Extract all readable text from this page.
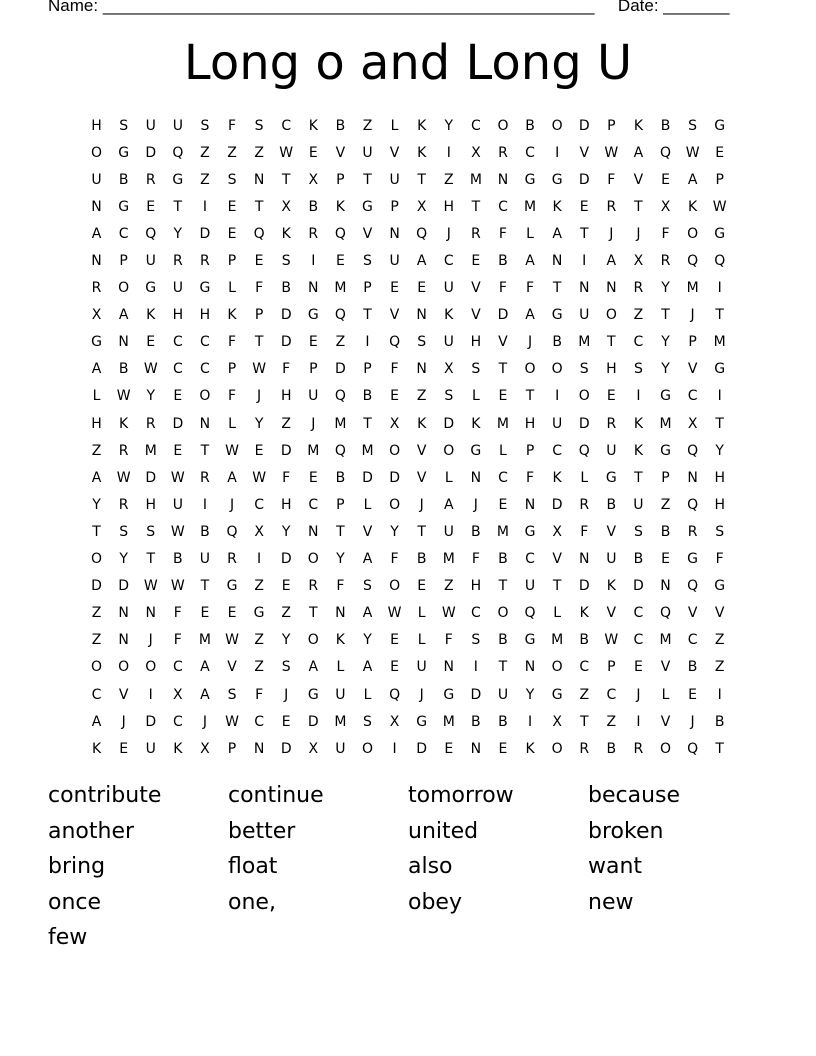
Name: ____________________________________________________ Date: _______
Long o and Long U
H	S	U	U	S	F	S	C	K	B	Z	L	K	Y	C	O	B	O	D	P	K	B	S	G
O	G	D	Q	Z	Z	Z	W	E	V	U	V	K	I	X	R	C	I	V	W	A	Q	W	E
U	B	R	G	Z	S	N	T	X	P	T	U	T	Z	M	N	G	G	D	F	V	E	A	P
N	G	E	T	I	E	T	X	B	K	G	P	X	H	T	C	M	K	E	R	T	X	K	W
A	C	Q	Y	D	E	Q	K	R	Q	V	N	Q	J	R	F	L	A	T	J	J	F	O	G
N	P	U	R	R	P	E	S	I	E	S	U	A	C	E	B	A	N	I	A	X	R	Q	Q
R	O	G	U	G	L	F	B	N	M	P	E	E	U	V	F	F	T	N	N	R	Y	M	I
X	A	K	H	H	K	P	D	G	Q	T	V	N	K	V	D	A	G	U	O	Z	T	J	T
G	N	E	C	C	F	T	D	E	Z	I	Q	S	U	H	V	J	B	M	T	C	Y	P	M
A	B	W	C	C	P	W	F	P	D	P	F	N	X	S	T	O	O	S	H	S	Y	V	G
L	W	Y	E	O	F	J	H	U	Q	B	E	Z	S	L	E	T	I	O	E	I	G	C	I
H	K	R	D	N	L	Y	Z	J	M	T	X	K	D	K	M	H	U	D	R	K	M	X	T
Z	R	M	E	T	W	E	D	M	Q	M	O	V	O	G	L	P	C	Q	U	K	G	Q	Y
A	W	D	W	R	A	W	F	E	B	D	D	V	L	N	C	F	K	L	G	T	P	N	H
Y	R	H	U	I	J	C	H	C	P	L	O	J	A	J	E	N	D	R	B	U	Z	Q	H
T	S	S	W	B	Q	X	Y	N	T	V	Y	T	U	B	M	G	X	F	V	S	B	R	S
O	Y	T	B	U	R	I	D	O	Y	A	F	B	M	F	B	C	V	N	U	B	E	G	F
D	D	W W	T	G	Z	E	R	F	S	O	E	Z	H	T	U	T	D	K	D	N	Q	G
Z	N	N	F	E	E	G	Z	T	N	A	W	L	W	C	O	Q	L	K	V	C	Q	V	V
Z	N	J	F	M	W	Z	Y	O	K	Y	E	L	F	S	B	G	M	B	W	C	M	C	Z
O	O	O	C	A	V	Z	S	A	L	A	E	U	N	I	T	N	O	C	P	E	V	B	Z
C	V	I	X	A	S	F	J	G	U	L	Q	J	G	D	U	Y	G	Z	C	J	L	E	I
A	J	D	C	J	W	C	E	D	M	S	X	G	M	B	B	I	X	T	Z	I	V	J	B
K	E	U	K	X	P	N	D	X	U	O	I	D	E	N	E	K	O	R	B	R	O	Q	T
contribute	continue	tomorrow	because
another	better	united	broken
bring	float	also	want
once	one,	obey	new
few
